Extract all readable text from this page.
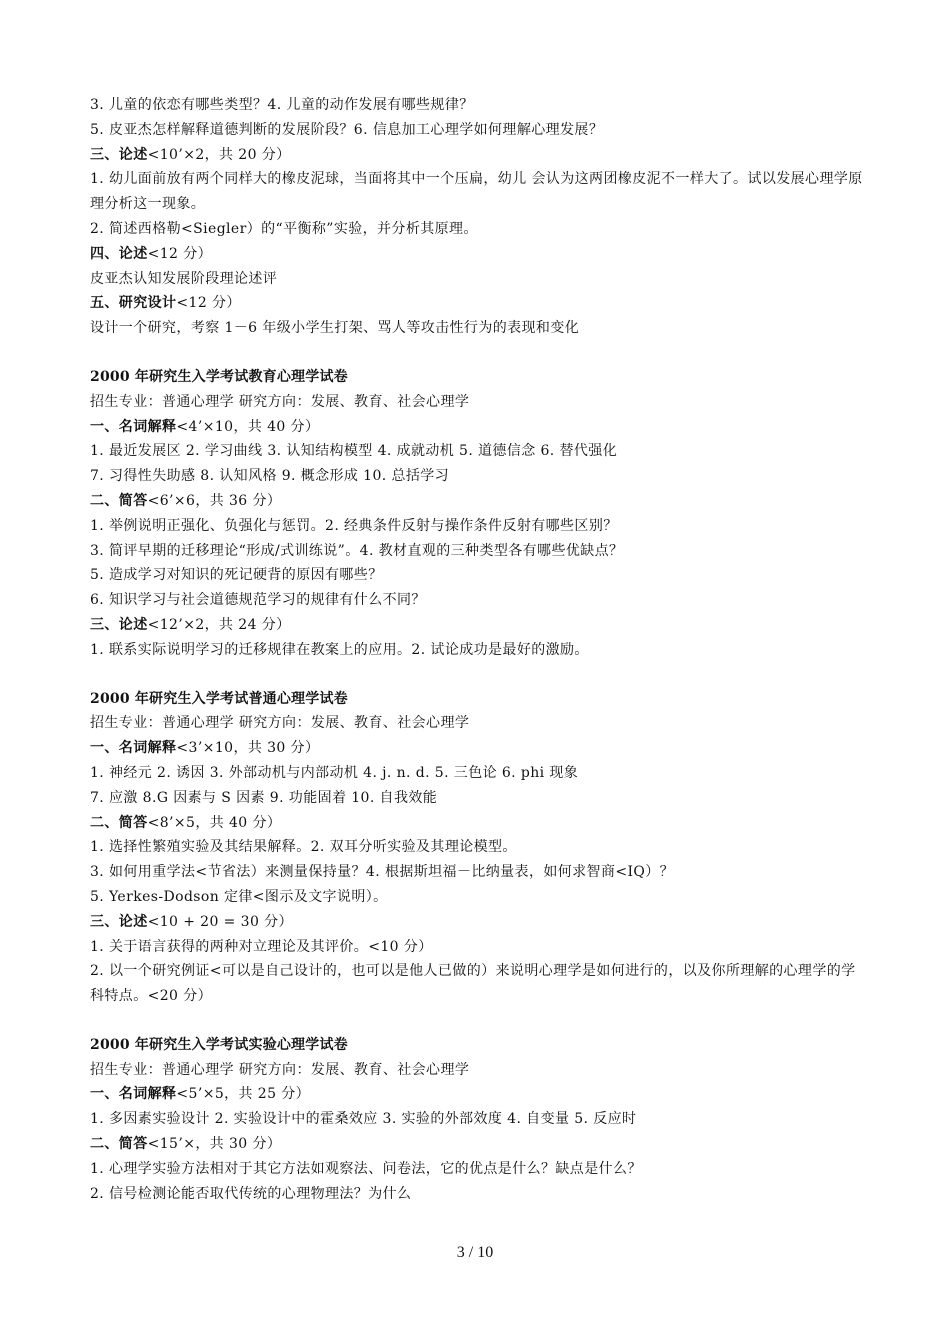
3. 儿童的依恋有哪些类型？4. 儿童的动作发展有哪些规律？
5. 皮亚杰怎样解释道德判断的发展阶段？6. 信息加工心理学如何理解心理发展？
三、论述<10’×2，共 20 分）
1. 幼儿面前放有两个同样大的橡皮泥球，当面将其中一个压扁，幼儿 会认为这两团橡皮泥不一样大了。试以发展心理学原理分析这一现象。
2. 简述西格勒<Siegler）的“平衡称”实验，并分析其原理。
四、论述<12 分）
皮亚杰认知发展阶段理论述评
五、研究设计<12 分）
设计一个研究，考察 1－6 年级小学生打架、骂人等攻击性行为的表现和变化
2000 年研究生入学考试教育心理学试卷
招生专业：普通心理学 研究方向：发展、教育、社会心理学
一、名词解释<4’×10，共 40 分）
1. 最近发展区 2. 学习曲线 3. 认知结构模型 4. 成就动机 5. 道德信念 6. 替代强化
7. 习得性失助感 8. 认知风格 9. 概念形成 10. 总括学习
二、简答<6’×6，共 36 分）
1. 举例说明正强化、负强化与惩罚。2. 经典条件反射与操作条件反射有哪些区别？
3. 简评早期的迁移理论“形成/式训练说”。4. 教材直观的三种类型各有哪些优缺点？
5. 造成学习对知识的死记硬背的原因有哪些？
6. 知识学习与社会道德规范学习的规律有什么不同？
三、论述<12’×2，共 24 分）
1. 联系实际说明学习的迁移规律在教案上的应用。2. 试论成功是最好的激励。
2000 年研究生入学考试普通心理学试卷
招生专业：普通心理学 研究方向：发展、教育、社会心理学
一、名词解释<3’×10，共 30 分）
1. 神经元 2. 诱因 3. 外部动机与内部动机 4. j. n. d. 5. 三色论 6. phi 现象
7. 应激 8.G 因素与 S 因素 9. 功能固着 10. 自我效能
二、简答<8’×5，共 40 分）
1. 选择性繁殖实验及其结果解释。2. 双耳分听实验及其理论模型。
3. 如何用重学法<节省法）来测量保持量？4. 根据斯坦福－比纳量表，如何求智商<IQ）？
5. Yerkes-Dodson 定律<图示及文字说明）。
三、论述<10 + 20 = 30 分）
1. 关于语言获得的两种对立理论及其评价。<10 分）
2. 以一个研究例证<可以是自己设计的，也可以是他人已做的）来说明心理学是如何进行的，以及你所理解的心理学的学科特点。<20 分）
2000 年研究生入学考试实验心理学试卷
招生专业：普通心理学 研究方向：发展、教育、社会心理学
一、名词解释<5’×5，共 25 分）
1. 多因素实验设计 2. 实验设计中的霍桑效应 3. 实验的外部效度 4. 自变量 5. 反应时
二、简答<15’×，共 30 分）
1. 心理学实验方法相对于其它方法如观察法、问卷法，它的优点是什么？缺点是什么？
2. 信号检测论能否取代传统的心理物理法？为什么
3 / 10
